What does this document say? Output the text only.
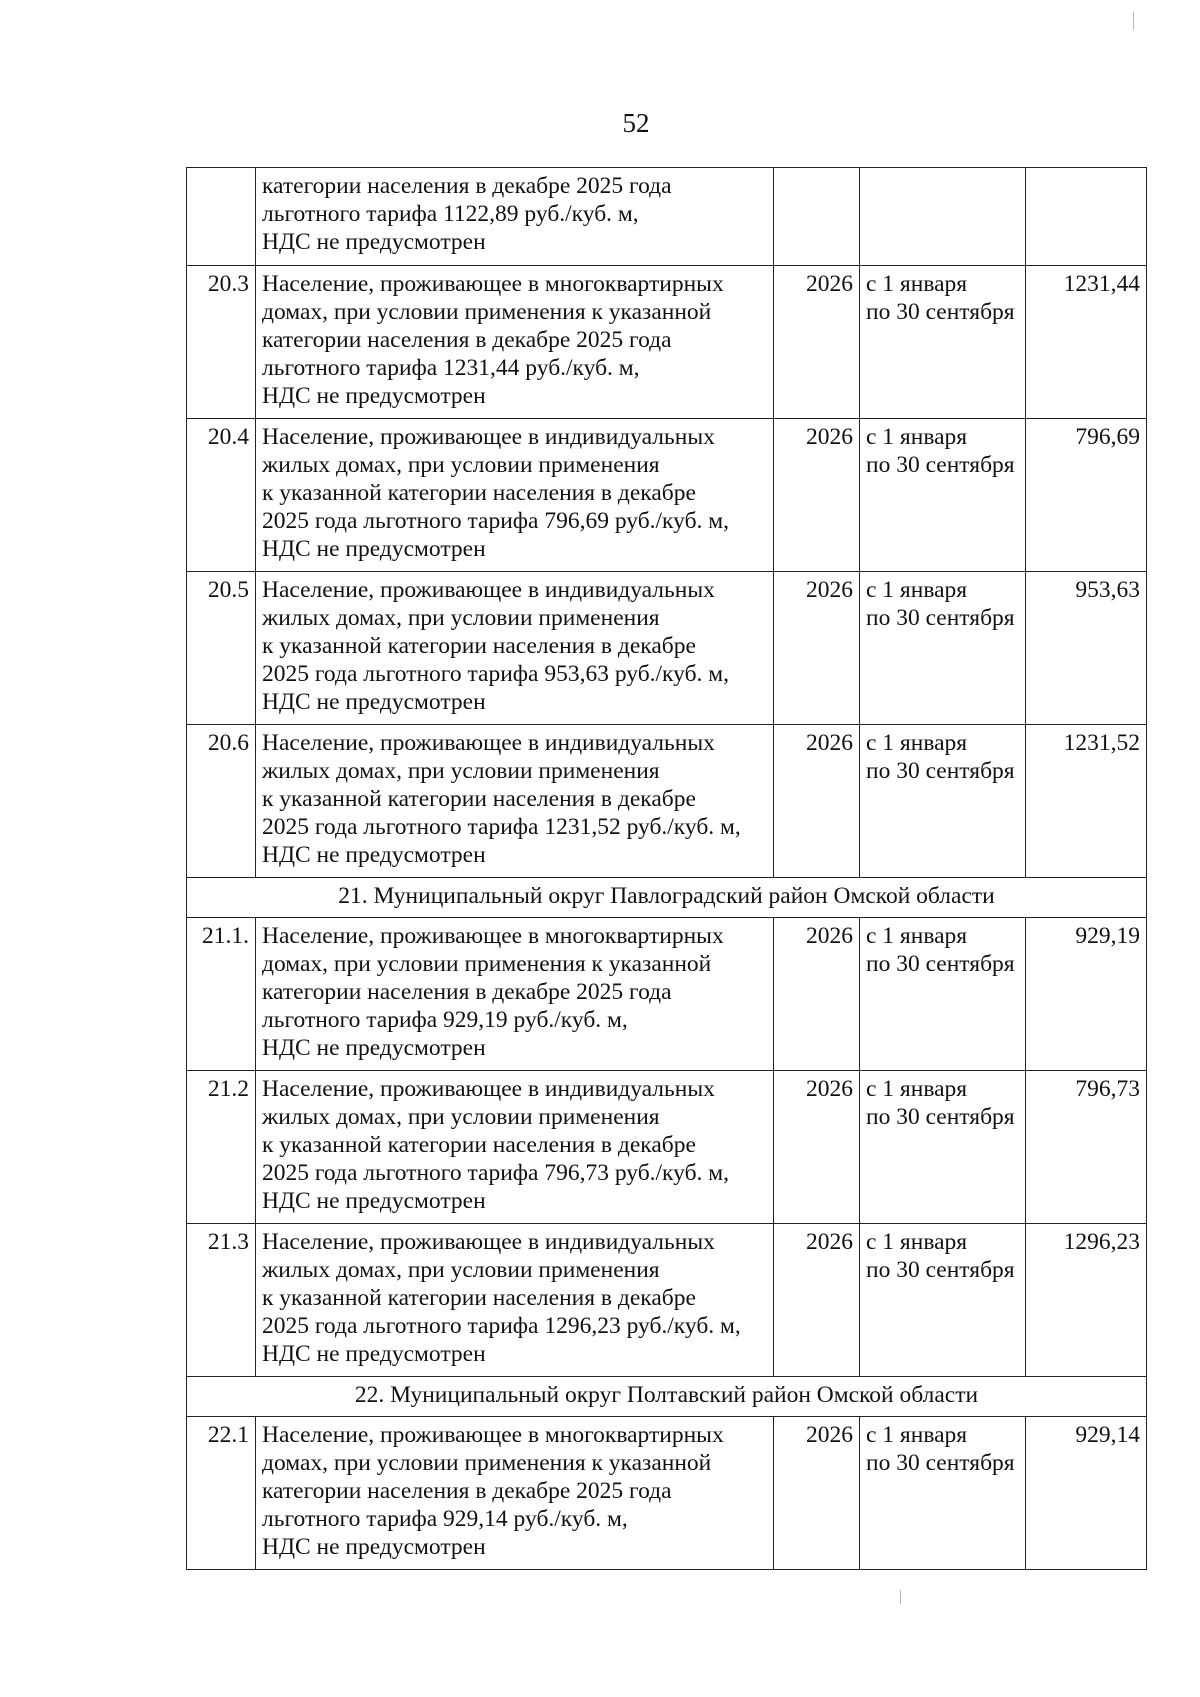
52

	категории населения в декабре 2025 года
льготного тарифа 1122,89 руб./куб. м,
НДС не предусмотрен			

20.3	Население, проживающее в многоквартирных
домах, при условии применения к указанной
категории населения в декабре 2025 года
льготного тарифа 1231,44 руб./куб. м,
НДС не предусмотрен	2026	с 1 января
по 30 сентября	1231,44
20.4	Население, проживающее в индивидуальных
жилых домах, при условии применения
к указанной категории населения в декабре
2025 года льготного тарифа 796,69 руб./куб. м,
НДС не предусмотрен	2026	с 1 января
по 30 сентября	796,69
20.5	Население, проживающее в индивидуальных
жилых домах, при условии применения
к указанной категории населения в декабре
2025 года льготного тарифа 953,63 руб./куб. м,
НДС не предусмотрен	2026	с 1 января
по 30 сентября	953,63
20.6	Население, проживающее в индивидуальных
жилых домах, при условии применения
к указанной категории населения в декабре
2025 года льготного тарифа 1231,52 руб./куб. м,
НДС не предусмотрен	2026	с 1 января
по 30 сентября	1231,52
21. Муниципальный округ Павлоградский район Омской области				
21.1.	Население, проживающее в многоквартирных
домах, при условии применения к указанной
категории населения в декабре 2025 года
льготного тарифа 929,19 руб./куб. м,
НДС не предусмотрен	2026	с 1 января
по 30 сентября	929,19
21.2	Население, проживающее в индивидуальных
жилых домах, при условии применения
к указанной категории населения в декабре
2025 года льготного тарифа 796,73 руб./куб. м,
НДС не предусмотрен	2026	с 1 января
по 30 сентября	796,73
21.3	Население, проживающее в индивидуальных
жилых домах, при условии применения
к указанной категории населения в декабре
2025 года льготного тарифа 1296,23 руб./куб. м,
НДС не предусмотрен	2026	с 1 января
по 30 сентября	1296,23
22. Муниципальный округ Полтавский район Омской области				
22.1	Население, проживающее в многоквартирных
домах, при условии применения к указанной
категории населения в декабре 2025 года
льготного тарифа 929,14 руб./куб. м,
НДС не предусмотрен	2026	с 1 января
по 30 сентября	929,14
